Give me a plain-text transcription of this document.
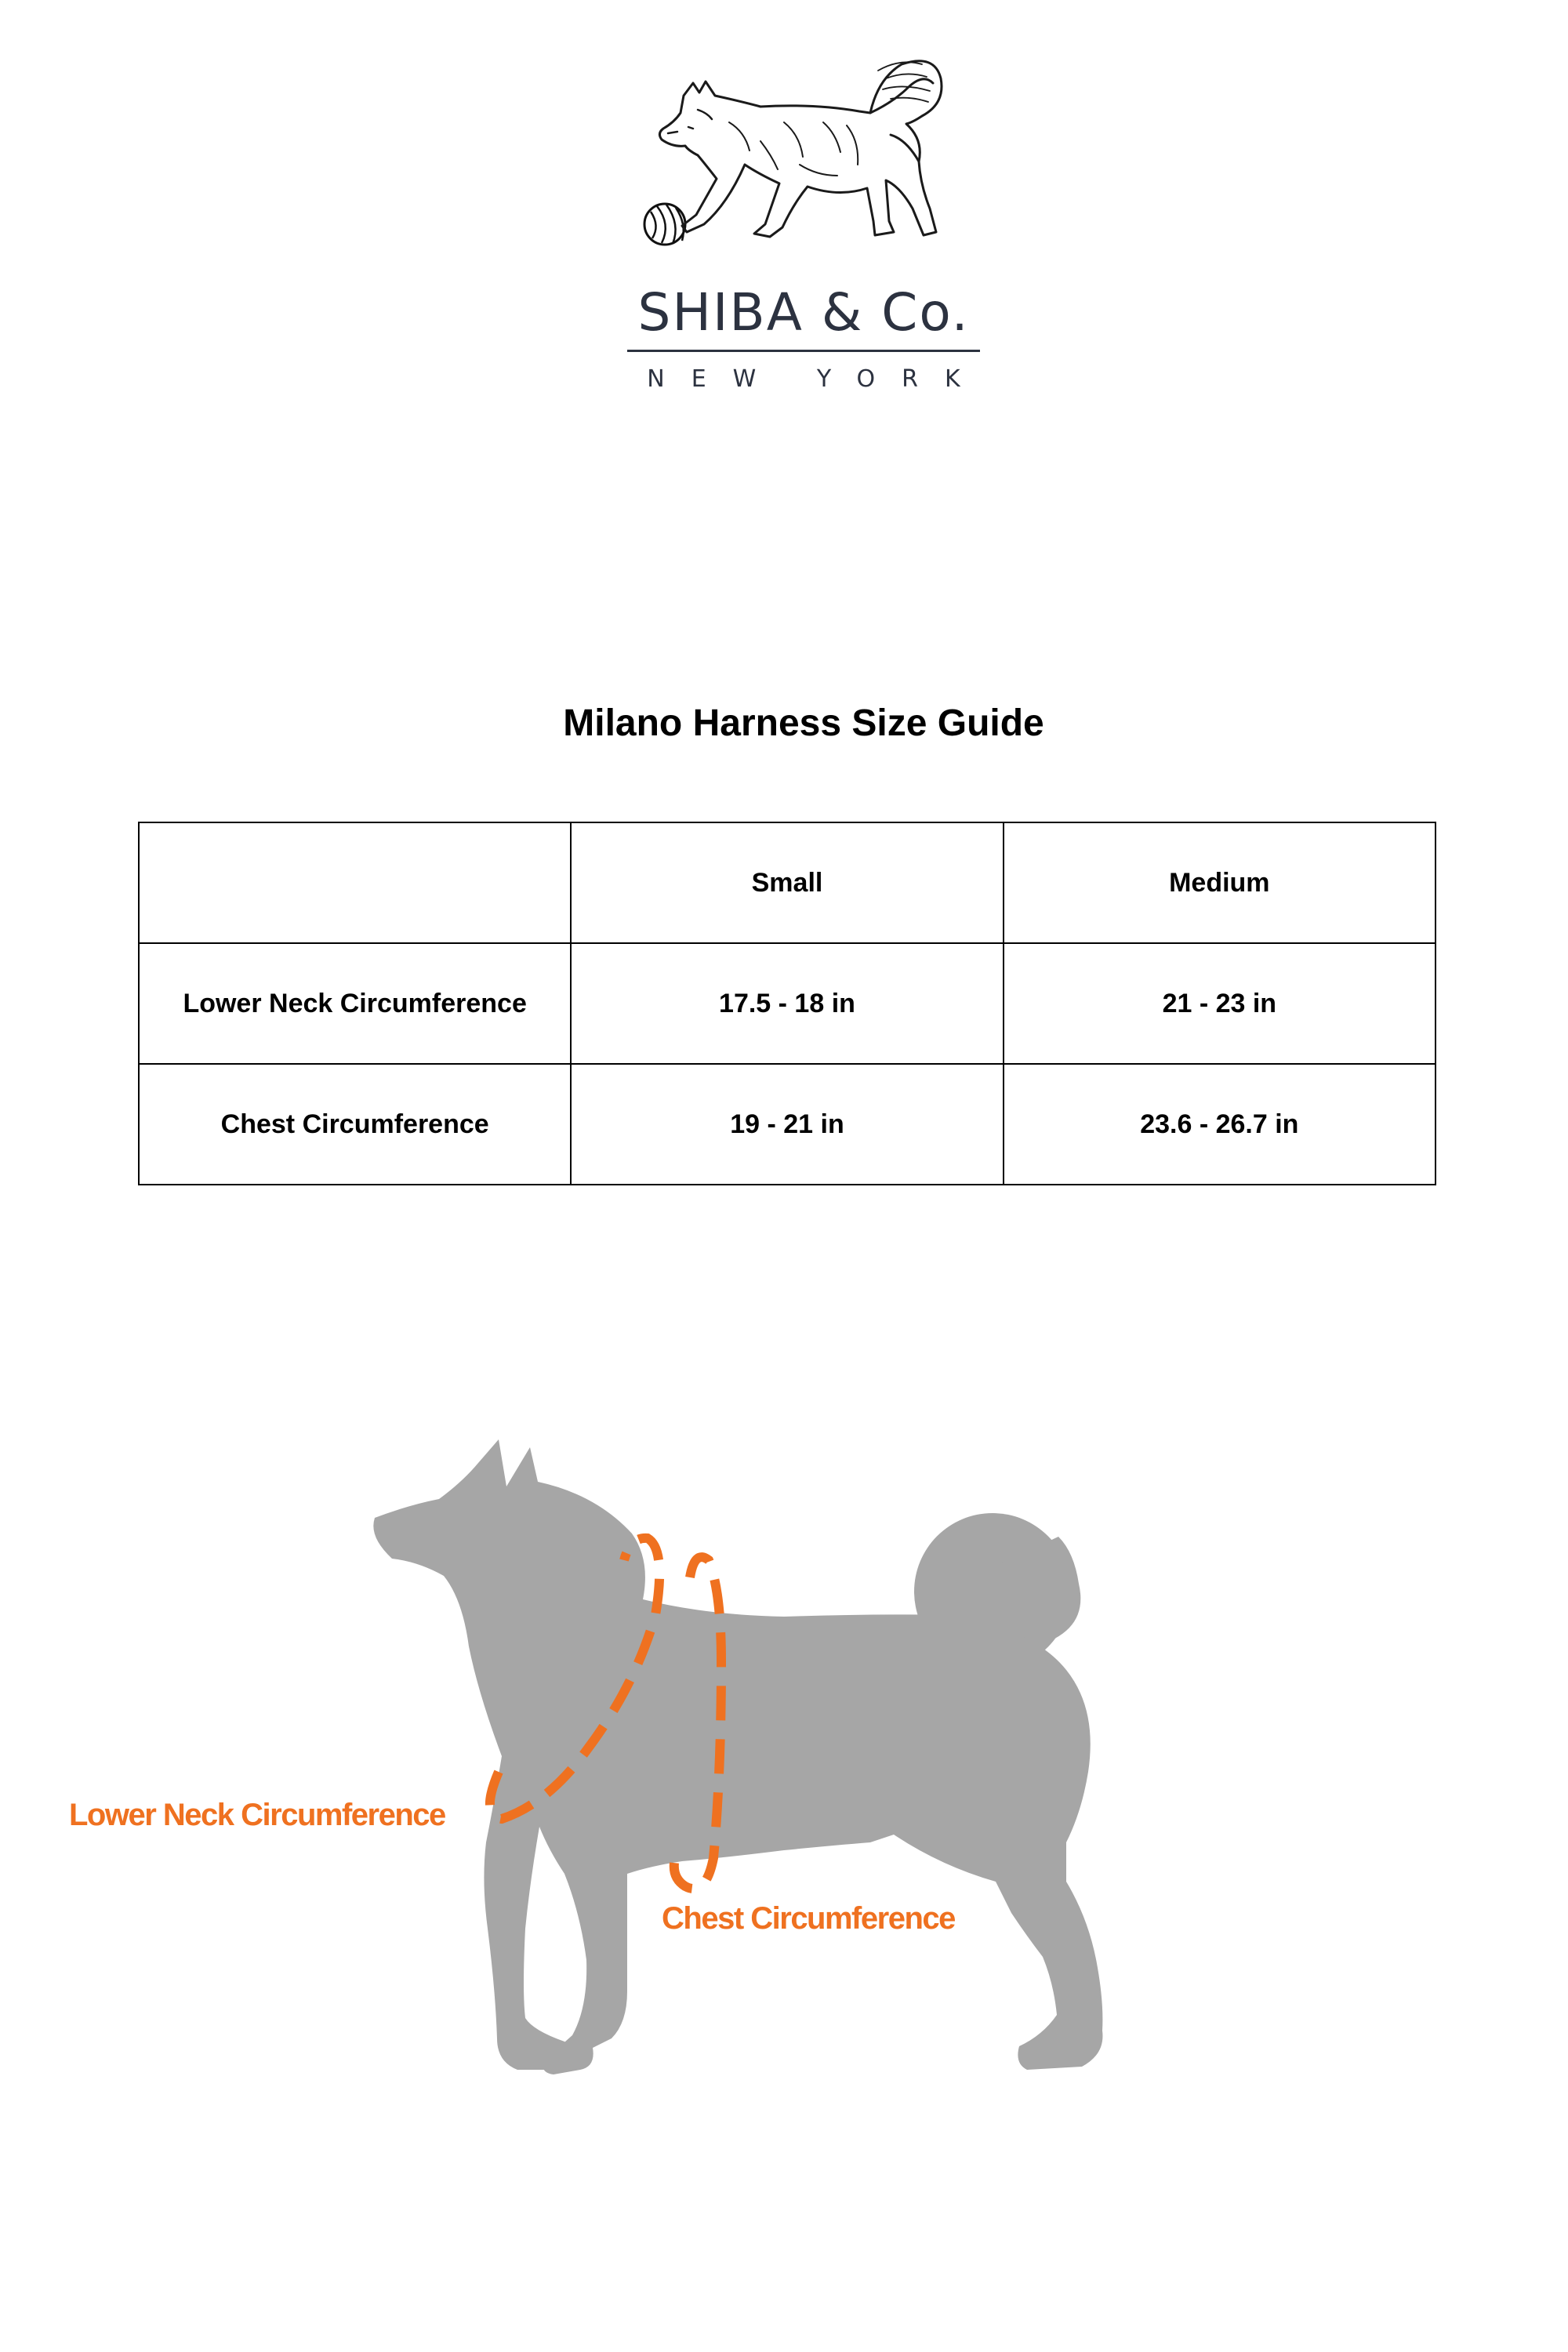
SHIBA & Co.
NEW YORK
Milano Harness Size Guide
	Small	Medium
Lower Neck Circumference	17.5 - 18 in	21 - 23 in
Chest Circumference	19 - 21 in	23.6 - 26.7 in
Lower Neck Circumference
Chest Circumference
